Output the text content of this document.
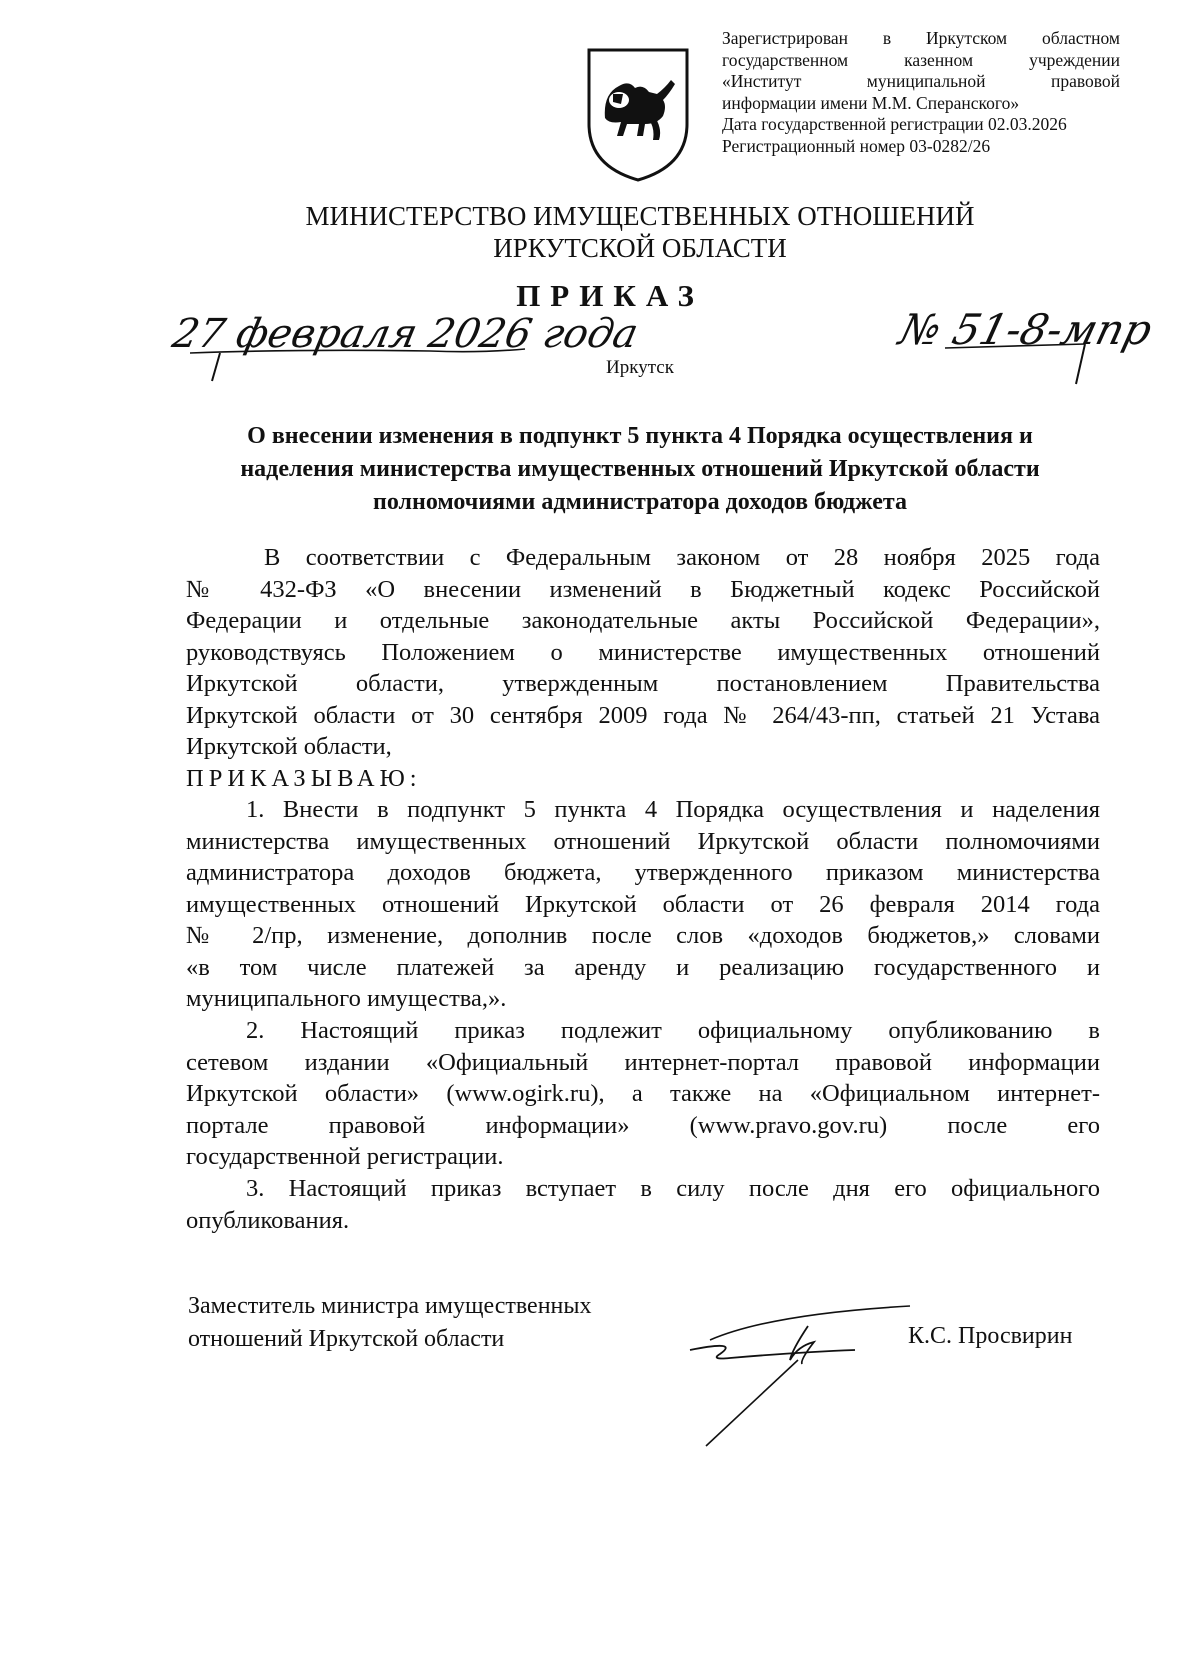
Зарегистрирован в Иркутском областном
государственном казенном учреждении
«Институт муниципальной правовой
информации имени М.М. Сперанского»
Дата государственной регистрации 02.03.2026
Регистрационный номер 03-0282/26
МИНИСТЕРСТВО ИМУЩЕСТВЕННЫХ ОТНОШЕНИЙ
ИРКУТСКОЙ ОБЛАСТИ
ПРИКАЗ
27 февраля 2026 года	№ 51-8-мпр
Иркутск
О внесении изменения в подпункт 5 пункта 4 Порядка осуществления и
наделения министерства имущественных отношений Иркутской области
полномочиями администратора доходов бюджета
В соответствии с Федеральным законом от 28 ноября 2025 года
№ 432-ФЗ «О внесении изменений в Бюджетный кодекс Российской
Федерации и отдельные законодательные акты Российской Федерации»,
руководствуясь Положением о министерстве имущественных отношений
Иркутской области, утвержденным постановлением Правительства
Иркутской области от 30 сентября 2009 года № 264/43-пп, статьей 21 Устава
Иркутской области,
ПРИКАЗЫВАЮ:
1. Внести в подпункт 5 пункта 4 Порядка осуществления и наделения
министерства имущественных отношений Иркутской области полномочиями
администратора доходов бюджета, утвержденного приказом министерства
имущественных отношений Иркутской области от 26 февраля 2014 года
№ 2/пр, изменение, дополнив после слов «доходов бюджетов,» словами
«в том числе платежей за аренду и реализацию государственного и
муниципального имущества,».
2. Настоящий приказ подлежит официальному опубликованию в
сетевом издании «Официальный интернет-портал правовой информации
Иркутской области» (www.ogirk.ru), а также на «Официальном интернет-
портале правовой информации» (www.pravo.gov.ru) после его
государственной регистрации.
3. Настоящий приказ вступает в силу после дня его официального
опубликования.
Заместитель министра имущественных
отношений Иркутской области	К.С. Просвирин
